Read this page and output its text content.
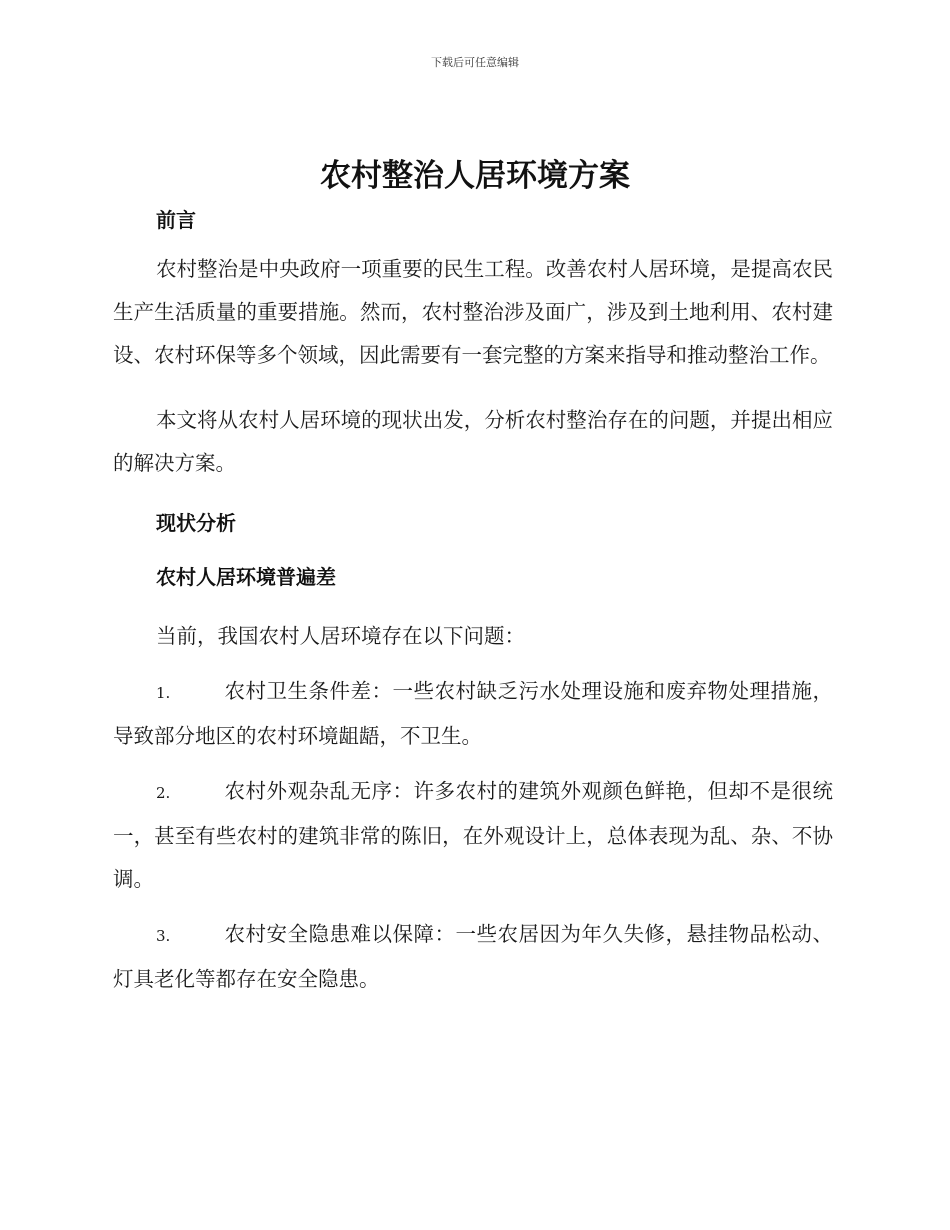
下载后可任意编辑
农村整治人居环境方案

前言

农村整治是中央政府一项重要的民生工程。改善农村人居环境，是提高农民生产生活质量的重要措施。然而，农村整治涉及面广，涉及到土地利用、农村建设、农村环保等多个领域，因此需要有一套完整的方案来指导和推动整治工作。

本文将从农村人居环境的现状出发，分析农村整治存在的问题，并提出相应的解决方案。

现状分析

农村人居环境普遍差

当前，我国农村人居环境存在以下问题：

1.	农村卫生条件差：一些农村缺乏污水处理设施和废弃物处理措施，导致部分地区的农村环境龃龉，不卫生。

2.	农村外观杂乱无序：许多农村的建筑外观颜色鲜艳，但却不是很统一，甚至有些农村的建筑非常的陈旧，在外观设计上，总体表现为乱、杂、不协调。

3.	农村安全隐患难以保障：一些农居因为年久失修，悬挂物品松动、灯具老化等都存在安全隐患。
